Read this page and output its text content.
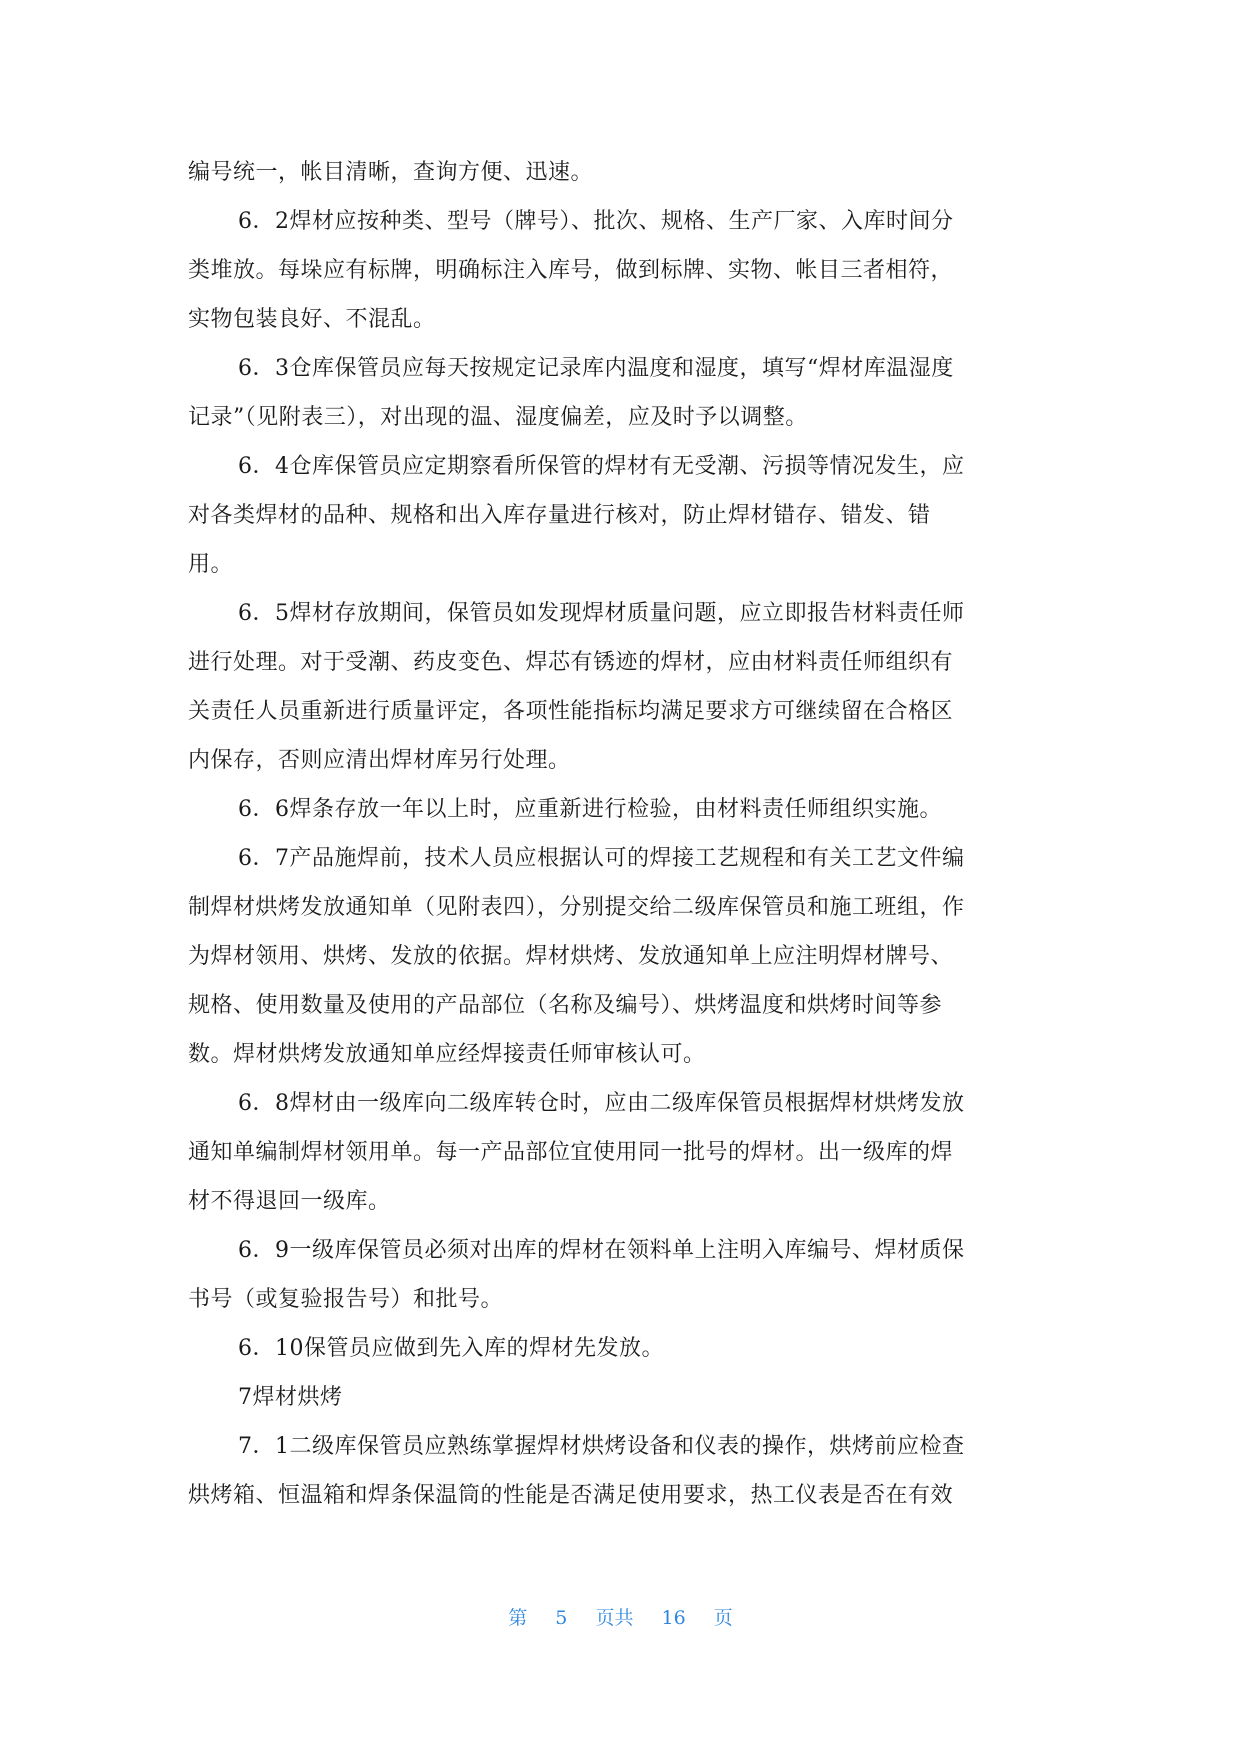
编号统一，帐目清晰，查询方便、迅速。
6．2焊材应按种类、型号（牌号）、批次、规格、生产厂家、入库时间分
类堆放。每垛应有标牌，明确标注入库号，做到标牌、实物、帐目三者相符，
实物包装良好、不混乱。
6．3仓库保管员应每天按规定记录库内温度和湿度，填写“焊材库温湿度
记录”（见附表三），对出现的温、湿度偏差，应及时予以调整。
6．4仓库保管员应定期察看所保管的焊材有无受潮、污损等情况发生，应
对各类焊材的品种、规格和出入库存量进行核对，防止焊材错存、错发、错
用。
6．5焊材存放期间，保管员如发现焊材质量问题，应立即报告材料责任师
进行处理。对于受潮、药皮变色、焊芯有锈迹的焊材，应由材料责任师组织有
关责任人员重新进行质量评定，各项性能指标均满足要求方可继续留在合格区
内保存，否则应清出焊材库另行处理。
6．6焊条存放一年以上时，应重新进行检验，由材料责任师组织实施。
6．7产品施焊前，技术人员应根据认可的焊接工艺规程和有关工艺文件编
制焊材烘烤发放通知单（见附表四），分别提交给二级库保管员和施工班组，作
为焊材领用、烘烤、发放的依据。焊材烘烤、发放通知单上应注明焊材牌号、
规格、使用数量及使用的产品部位（名称及编号）、烘烤温度和烘烤时间等参
数。焊材烘烤发放通知单应经焊接责任师审核认可。
6．8焊材由一级库向二级库转仓时，应由二级库保管员根据焊材烘烤发放
通知单编制焊材领用单。每一产品部位宜使用同一批号的焊材。出一级库的焊
材不得退回一级库。
6．9一级库保管员必须对出库的焊材在领料单上注明入库编号、焊材质保
书号（或复验报告号）和批号。
6．10保管员应做到先入库的焊材先发放。
7焊材烘烤
7．1二级库保管员应熟练掌握焊材烘烤设备和仪表的操作，烘烤前应检查
烘烤箱、恒温箱和焊条保温筒的性能是否满足使用要求，热工仪表是否在有效
第 5 页共 16 页
